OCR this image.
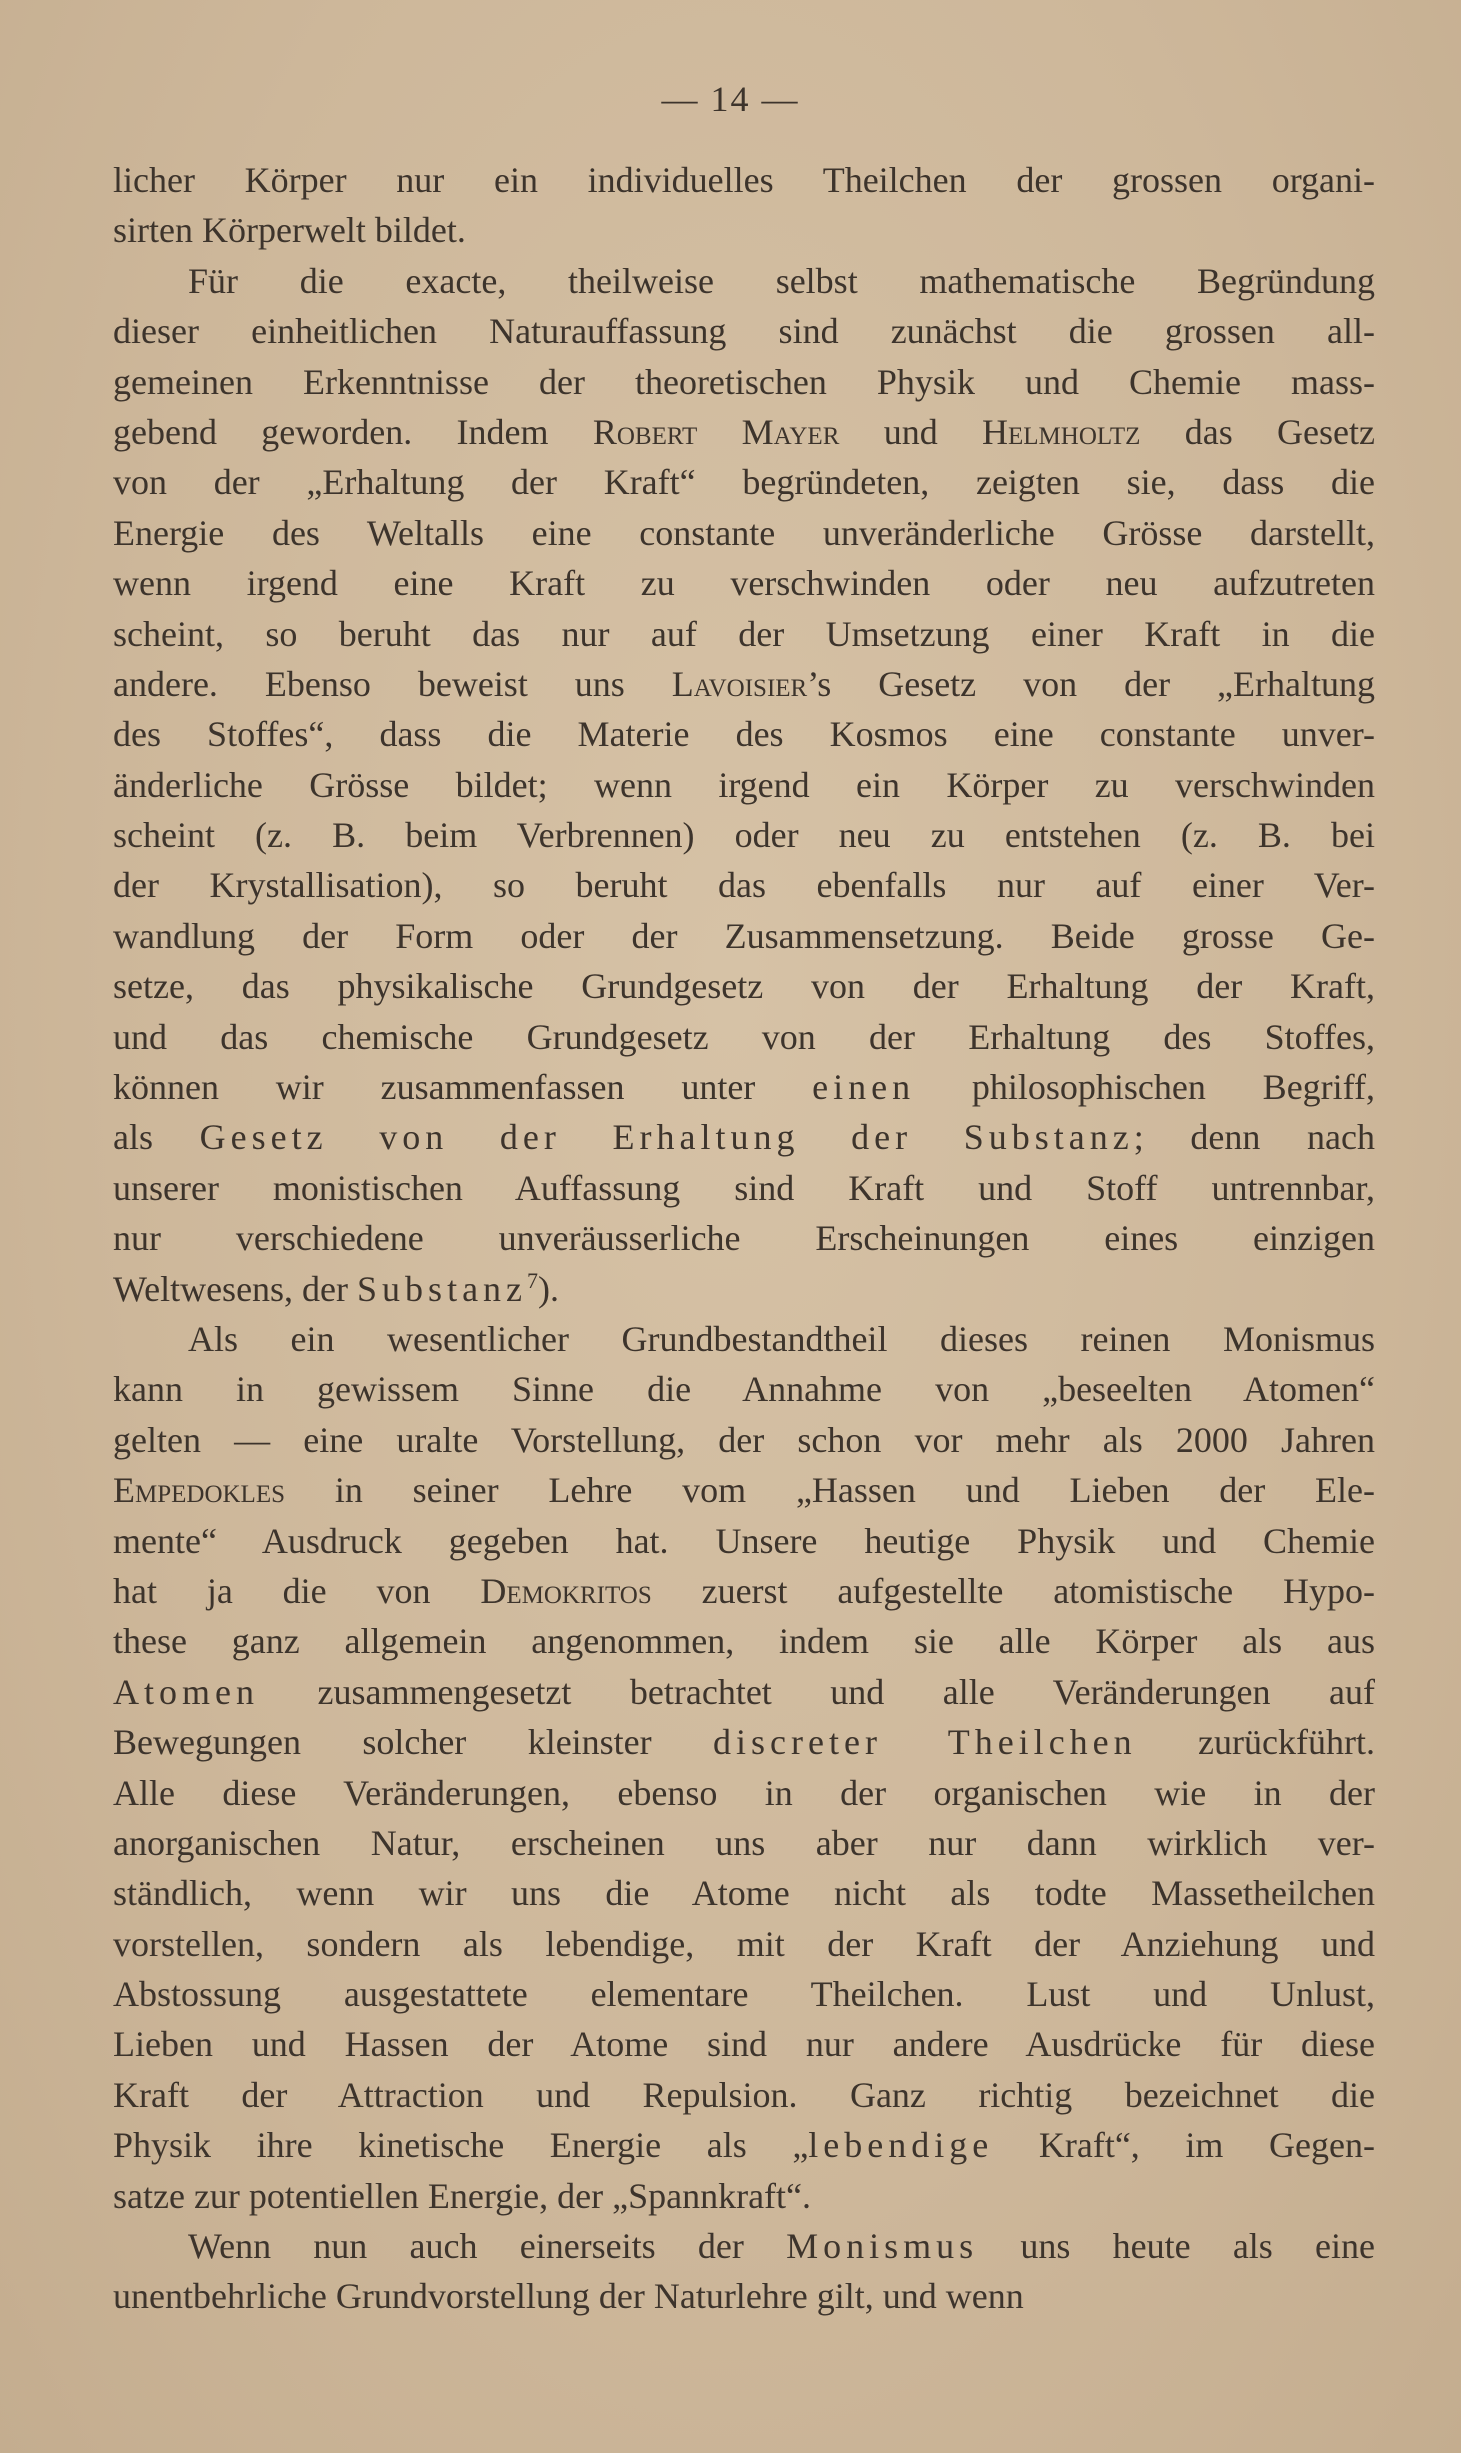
— 14 —
licher Körper nur ein individuelles Theilchen der grossen organi-
sirten Körperwelt bildet.
Für die exacte, theilweise selbst mathematische Begründung
dieser einheitlichen Naturauffassung sind zunächst die grossen all-
gemeinen Erkenntnisse der theoretischen Physik und Chemie mass-
gebend geworden. Indem Robert Mayer und Helmholtz das Gesetz
von der „Erhaltung der Kraft“ begründeten, zeigten sie, dass die
Energie des Weltalls eine constante unveränderliche Grösse darstellt,
wenn irgend eine Kraft zu verschwinden oder neu aufzutreten
scheint, so beruht das nur auf der Umsetzung einer Kraft in die
andere. Ebenso beweist uns Lavoisier’s Gesetz von der „Erhaltung
des Stoffes“, dass die Materie des Kosmos eine constante unver-
änderliche Grösse bildet; wenn irgend ein Körper zu verschwinden
scheint (z. B. beim Verbrennen) oder neu zu entstehen (z. B. bei
der Krystallisation), so beruht das ebenfalls nur auf einer Ver-
wandlung der Form oder der Zusammensetzung. Beide grosse Ge-
setze, das physikalische Grundgesetz von der Erhaltung der Kraft,
und das chemische Grundgesetz von der Erhaltung des Stoffes,
können wir zusammenfassen unter einen philosophischen Begriff,
als Gesetz von der Erhaltung der Substanz; denn nach
unserer monistischen Auffassung sind Kraft und Stoff untrennbar,
nur verschiedene unveräusserliche Erscheinungen eines einzigen
Weltwesens, der Substanz$^7$).
Als ein wesentlicher Grundbestandtheil dieses reinen Monismus
kann in gewissem Sinne die Annahme von „beseelten Atomen“
gelten — eine uralte Vorstellung, der schon vor mehr als 2000 Jahren
Empedokles in seiner Lehre vom „Hassen und Lieben der Ele-
mente“ Ausdruck gegeben hat. Unsere heutige Physik und Chemie
hat ja die von Demokritos zuerst aufgestellte atomistische Hypo-
these ganz allgemein angenommen, indem sie alle Körper als aus
Atomen zusammengesetzt betrachtet und alle Veränderungen auf
Bewegungen solcher kleinster discreter Theilchen zurückführt.
Alle diese Veränderungen, ebenso in der organischen wie in der
anorganischen Natur, erscheinen uns aber nur dann wirklich ver-
ständlich, wenn wir uns die Atome nicht als todte Massetheilchen
vorstellen, sondern als lebendige, mit der Kraft der Anziehung und
Abstossung ausgestattete elementare Theilchen. Lust und Unlust,
Lieben und Hassen der Atome sind nur andere Ausdrücke für diese
Kraft der Attraction und Repulsion. Ganz richtig bezeichnet die
Physik ihre kinetische Energie als „lebendige Kraft“, im Gegen-
satze zur potentiellen Energie, der „Spannkraft“.
Wenn nun auch einerseits der Monismus uns heute als eine
unentbehrliche Grundvorstellung der Naturlehre gilt, und wenn
